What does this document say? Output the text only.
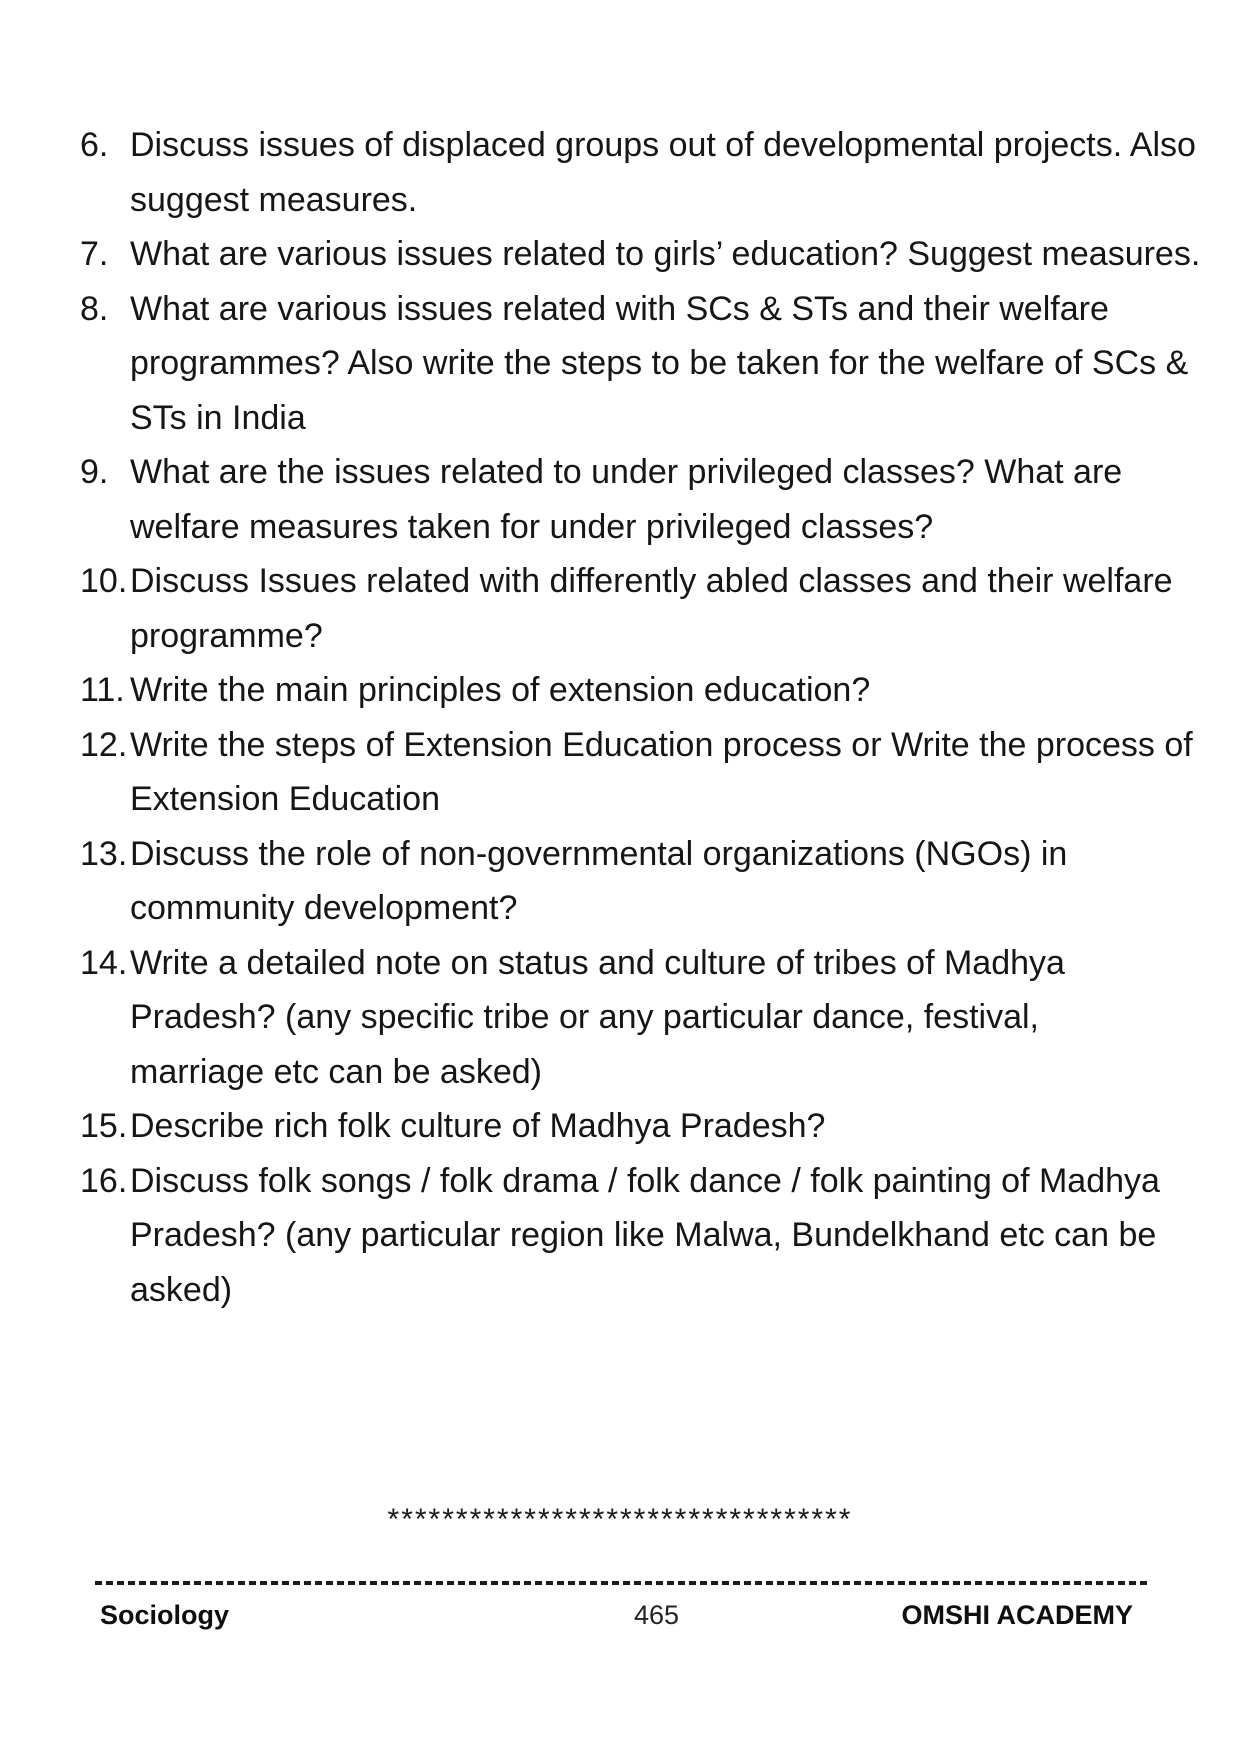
6. Discuss issues of displaced groups out of developmental projects. Also suggest measures.
7. What are various issues related to girls’ education? Suggest measures.
8. What are various issues related with SCs & STs and their welfare programmes? Also write the steps to be taken for the welfare of SCs & STs in India
9. What are the issues related to under privileged classes? What are welfare measures taken for under privileged classes?
10. Discuss Issues related with differently abled classes and their welfare programme?
11. Write the main principles of extension education?
12. Write the steps of Extension Education process or Write the process of Extension Education
13. Discuss the role of non-governmental organizations (NGOs) in community development?
14. Write a detailed note on status and culture of tribes of Madhya Pradesh? (any specific tribe or any particular dance, festival, marriage etc can be asked)
15. Describe rich folk culture of Madhya Pradesh?
16. Discuss folk songs / folk drama / folk dance / folk painting of Madhya Pradesh? (any particular region like Malwa, Bundelkhand etc can be asked)
**********************************
Sociology	465	OMSHI ACADEMY
